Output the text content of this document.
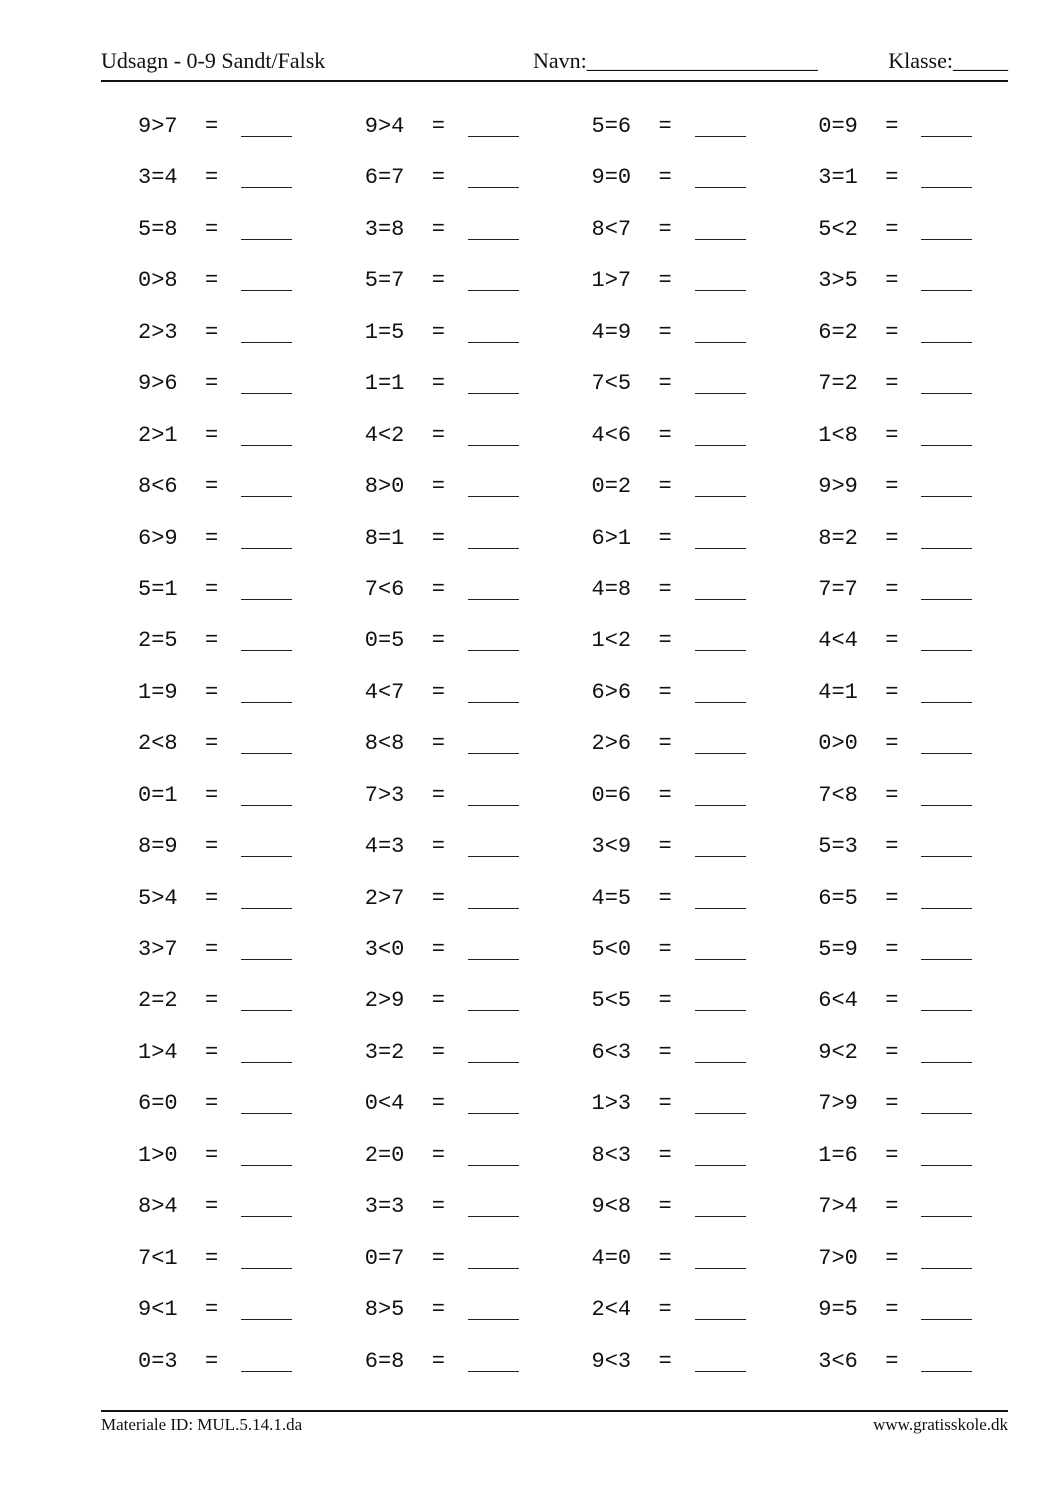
Udsagn - 0-9 Sandt/Falsk	Navn:_____________________	Klasse:_____
9>7 =	9>4 =	5=6 =	0=9 =
3=4 =	6=7 =	9=0 =	3=1 =
5=8 =	3=8 =	8<7 =	5<2 =
0>8 =	5=7 =	1>7 =	3>5 =
2>3 =	1=5 =	4=9 =	6=2 =
9>6 =	1=1 =	7<5 =	7=2 =
2>1 =	4<2 =	4<6 =	1<8 =
8<6 =	8>0 =	0=2 =	9>9 =
6>9 =	8=1 =	6>1 =	8=2 =
5=1 =	7<6 =	4=8 =	7=7 =
2=5 =	0=5 =	1<2 =	4<4 =
1=9 =	4<7 =	6>6 =	4=1 =
2<8 =	8<8 =	2>6 =	0>0 =
0=1 =	7>3 =	0=6 =	7<8 =
8=9 =	4=3 =	3<9 =	5=3 =
5>4 =	2>7 =	4=5 =	6=5 =
3>7 =	3<0 =	5<0 =	5=9 =
2=2 =	2>9 =	5<5 =	6<4 =
1>4 =	3=2 =	6<3 =	9<2 =
6=0 =	0<4 =	1>3 =	7>9 =
1>0 =	2=0 =	8<3 =	1=6 =
8>4 =	3=3 =	9<8 =	7>4 =
7<1 =	0=7 =	4=0 =	7>0 =
9<1 =	8>5 =	2<4 =	9=5 =
0=3 =	6=8 =	9<3 =	3<6 =
Materiale ID: MUL.5.14.1.da	www.gratisskole.dk
